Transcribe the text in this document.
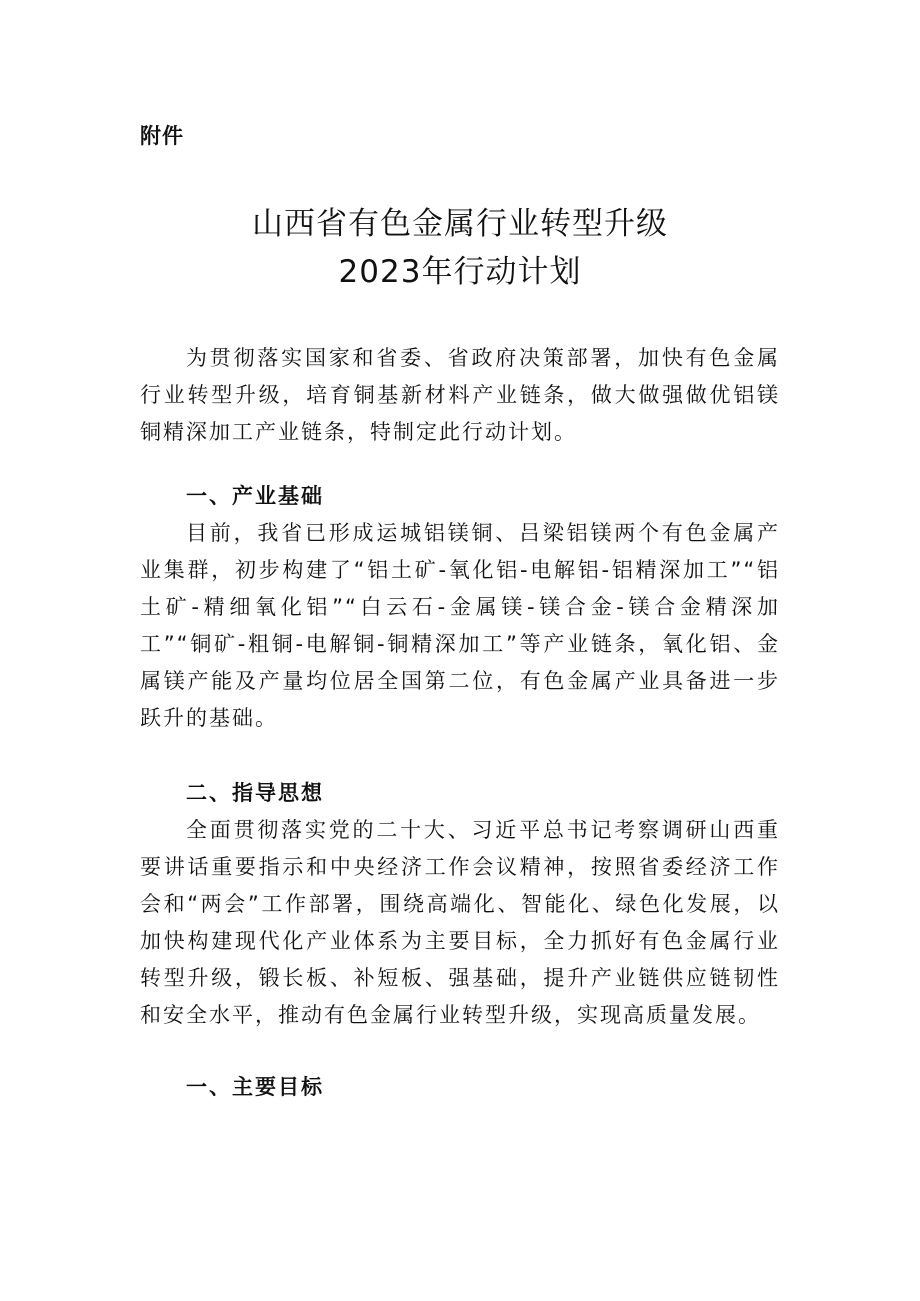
附件
山西省有色金属行业转型升级
2023年行动计划

为贯彻落实国家和省委、省政府决策部署，加快有色金属行业转型升级，培育铜基新材料产业链条，做大做强做优铝镁铜精深加工产业链条，特制定此行动计划。

一、产业基础

目前，我省已形成运城铝镁铜、吕梁铝镁两个有色金属产业集群，初步构建了“铝土矿-氧化铝-电解铝-铝精深加工”“铝土矿-精细氧化铝”“白云石-金属镁-镁合金-镁合金精深加工”“铜矿-粗铜-电解铜-铜精深加工”等产业链条，氧化铝、金属镁产能及产量均位居全国第二位，有色金属产业具备进一步跃升的基础。

二、指导思想

全面贯彻落实党的二十大、习近平总书记考察调研山西重要讲话重要指示和中央经济工作会议精神，按照省委经济工作会和“两会”工作部署，围绕高端化、智能化、绿色化发展，以加快构建现代化产业体系为主要目标，全力抓好有色金属行业转型升级，锻长板、补短板、强基础，提升产业链供应链韧性和安全水平，推动有色金属行业转型升级，实现高质量发展。

一、主要目标
